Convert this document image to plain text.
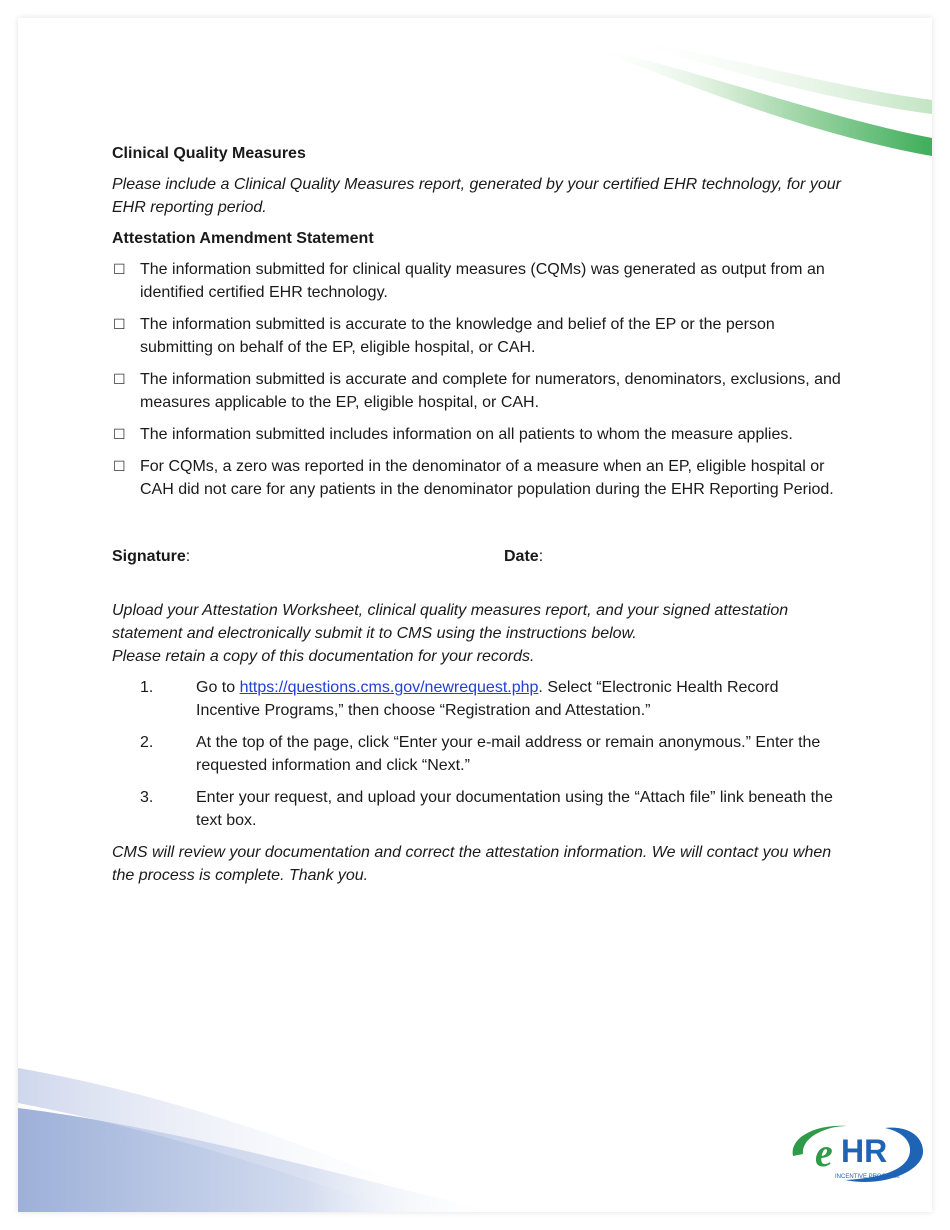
Clinical Quality Measures
Please include a Clinical Quality Measures report, generated by your certified EHR technology, for your EHR reporting period.
Attestation Amendment Statement
☐ The information submitted for clinical quality measures (CQMs) was generated as output from an identified certified EHR technology.
☐ The information submitted is accurate to the knowledge and belief of the EP or the person submitting on behalf of the EP, eligible hospital, or CAH.
☐ The information submitted is accurate and complete for numerators, denominators, exclusions, and measures applicable to the EP, eligible hospital, or CAH.
☐ The information submitted includes information on all patients to whom the measure applies.
☐ For CQMs, a zero was reported in the denominator of a measure when an EP, eligible hospital or CAH did not care for any patients in the denominator population during the EHR Reporting Period.
Signature:	Date:
Upload your Attestation Worksheet, clinical quality measures report, and your signed attestation statement and electronically submit it to CMS using the instructions below.
Please retain a copy of this documentation for your records.
1.	Go to https://questions.cms.gov/newrequest.php. Select “Electronic Health Record Incentive Programs,” then choose “Registration and Attestation.”
2.	At the top of the page, click “Enter your e-mail address or remain anonymous.” Enter the requested information and click “Next.”
3.	Enter your request, and upload your documentation using the “Attach file” link beneath the text box.
CMS will review your documentation and correct the attestation information. We will contact you when the process is complete. Thank you.
e HR
INCENTIVE PROGRAM
